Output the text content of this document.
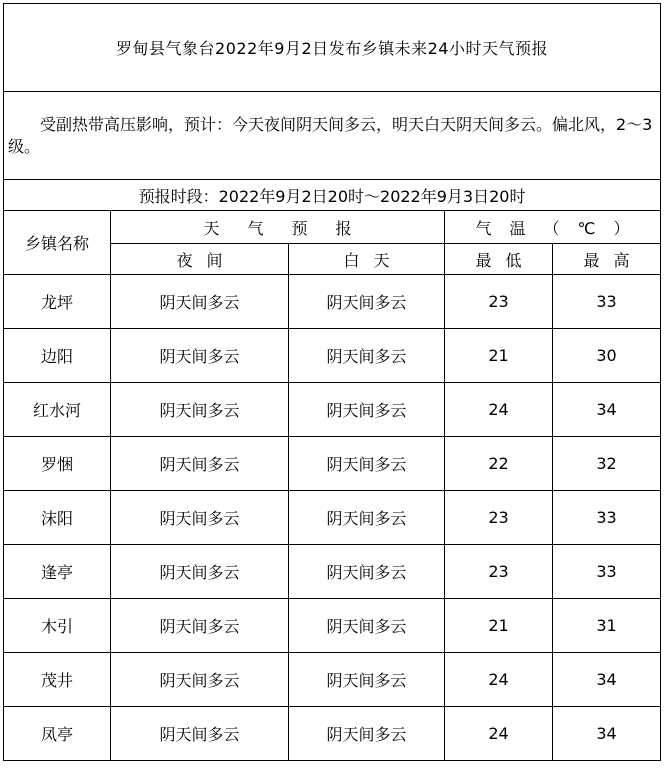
罗甸县气象台2022年9月2日发布乡镇未来24小时天气预报				

受副热带高压影响，预计：今天夜间阴天间多云，明天白天阴天间多云。偏北风，2～3级。				

预报时段：2022年9月2日20时～2022年9月3日20时				
乡镇名称	天气预报		气温（℃）	
	夜间	白天	最低	最高
龙坪	阴天间多云	阴天间多云	23	33
边阳	阴天间多云	阴天间多云	21	30
红水河	阴天间多云	阴天间多云	24	34
罗悃	阴天间多云	阴天间多云	22	32
沫阳	阴天间多云	阴天间多云	23	33
逢亭	阴天间多云	阴天间多云	23	33
木引	阴天间多云	阴天间多云	21	31
茂井	阴天间多云	阴天间多云	24	34
凤亭	阴天间多云	阴天间多云	24	34
